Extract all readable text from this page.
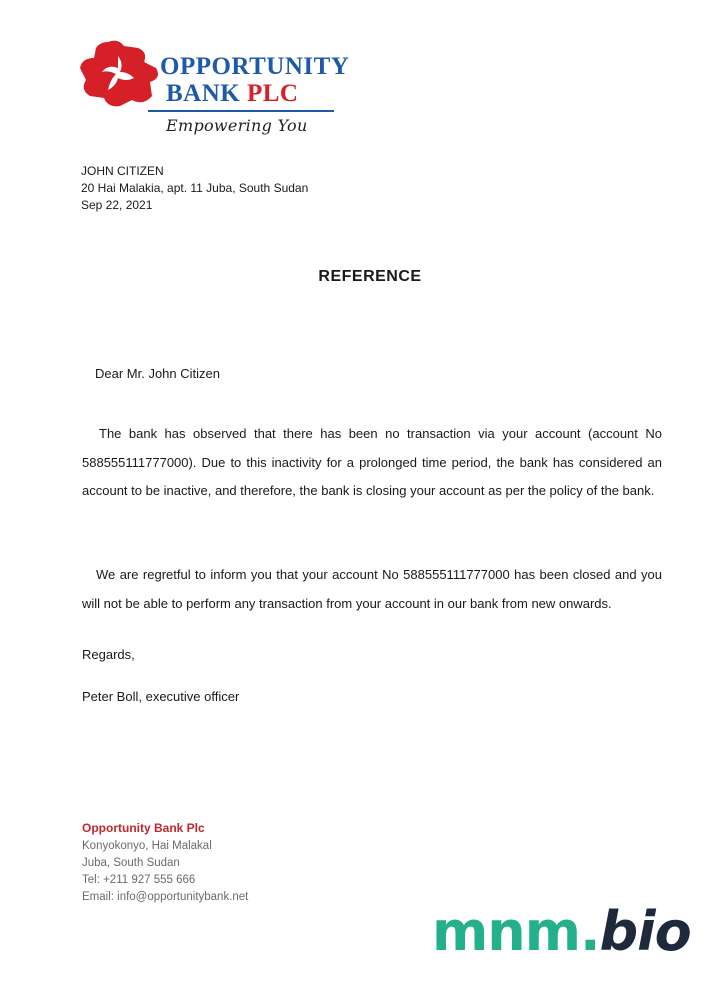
OPPORTUNITY
BANK PLC
Empowering You
JOHN CITIZEN
20 Hai Malakia, apt. 11 Juba, South Sudan
Sep 22, 2021
REFERENCE
Dear Mr. John Citizen
The bank has observed that there has been no transaction via your account (account No 588555111777000). Due to this inactivity for a prolonged time period, the bank has considered an account to be inactive, and therefore, the bank is closing your account as per the policy of the bank.
We are regretful to inform you that your account No 588555111777000 has been closed and you will not be able to perform any transaction from your account in our bank from new onwards.
Regards,
Peter Boll, executive officer
Opportunity Bank Plc
Konyokonyo, Hai Malakal
Juba, South Sudan
Tel: +211 927 555 666
Email: info@opportunitybank.net
mnm.bio
